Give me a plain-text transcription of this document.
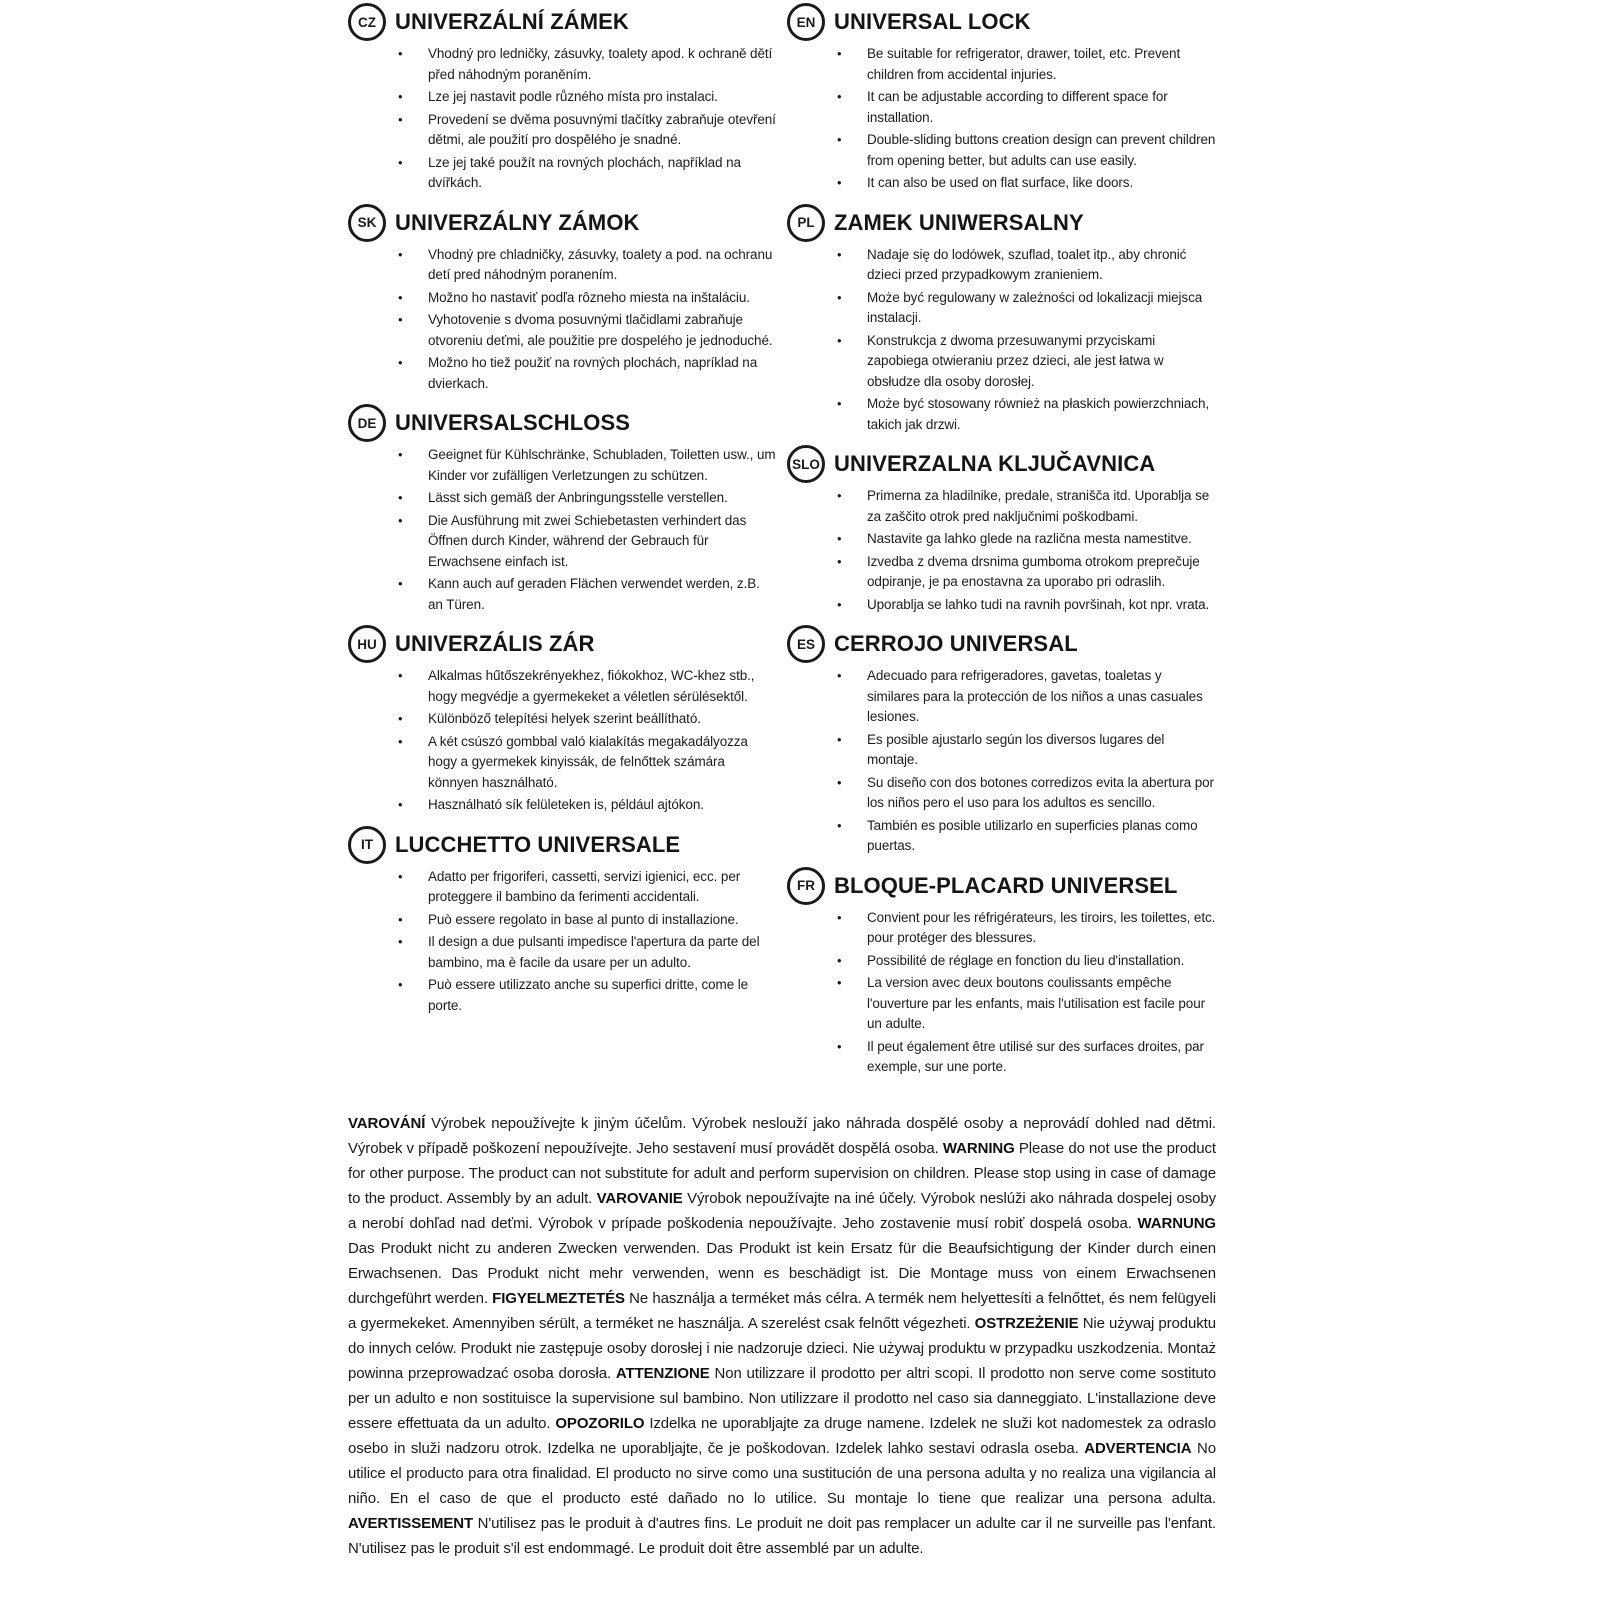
CZ UNIVERZÁLNÍ ZÁMEK
• Vhodný pro ledničky, zásuvky, toalety apod. k ochraně dětí před náhodným poraněním.
• Lze jej nastavit podle různého místa pro instalaci.
• Provedení se dvěma posuvnými tlačítky zabraňuje otevření dětmi, ale použití pro dospělého je snadné.
• Lze jej také použít na rovných plochách, například na dvířkách.
SK UNIVERZÁLNY ZÁMOK
• Vhodný pre chladničky, zásuvky, toalety a pod. na ochranu detí pred náhodným poranením.
• Možno ho nastaviť podľa rôzneho miesta na inštaláciu.
• Vyhotovenie s dvoma posuvnými tlačidlami zabraňuje otvoreniu deťmi, ale použitie pre dospelého je jednoduché.
• Možno ho tiež použiť na rovných plochách, napríklad na dvierkach.
DE UNIVERSALSCHLOSS
• Geeignet für Kühlschränke, Schubladen, Toiletten usw., um Kinder vor zufälligen Verletzungen zu schützen.
• Lässt sich gemäß der Anbringungsstelle verstellen.
• Die Ausführung mit zwei Schiebetasten verhindert das Öffnen durch Kinder, während der Gebrauch für Erwachsene einfach ist.
• Kann auch auf geraden Flächen verwendet werden, z.B. an Türen.
HU UNIVERZÁLIS ZÁR
• Alkalmas hűtőszekrényekhez, fiókokhoz, WC-khez stb., hogy megvédje a gyermekeket a véletlen sérülésektől.
• Különböző telepítési helyek szerint beállítható.
• A két csúszó gombbal való kialakítás megakadályozza hogy a gyermekek kinyissák, de felnőttek számára könnyen használható.
• Használható sík felületeken is, például ajtókon.
IT	LUCCHETTO UNIVERSALE
• Adatto per frigoriferi, cassetti, servizi igienici, ecc. per proteggere il bambino da ferimenti accidentali.
• Può essere regolato in base al punto di installazione.
• Il design a due pulsanti impedisce l'apertura da parte del bambino, ma è facile da usare per un adulto.
• Può essere utilizzato anche su superfici dritte, come le porte.
EN UNIVERSAL LOCK
• Be suitable for refrigerator, drawer, toilet, etc. Prevent children from accidental injuries.
• It can be adjustable according to different space for installation.
• Double-sliding buttons creation design can prevent children from opening better, but adults can use easily.
• It can also be used on flat surface, like doors.
PL ZAMEK UNIWERSALNY
• Nadaje się do lodówek, szuflad, toalet itp., aby chronić dzieci przed przypadkowym zranieniem.
• Może być regulowany w zależności od lokalizacji miejsca instalacji.
• Konstrukcja z dwoma przesuwanymi przyciskami zapobiega otwieraniu przez dzieci, ale jest łatwa w obsłudze dla osoby dorosłej.
• Może być stosowany również na płaskich powierzchniach, takich jak drzwi.
SLO UNIVERZALNA KLJUČAVNICA
• Primerna za hladilnike, predale, stranišča itd. Uporablja se za zaščito otrok pred naključnimi poškodbami.
• Nastavite ga lahko glede na različna mesta namestitve.
• Izvedba z dvema drsnima gumboma otrokom preprečuje odpiranje, je pa enostavna za uporabo pri odraslih.
• Uporablja se lahko tudi na ravnih površinah, kot npr. vrata.
ES CERROJO UNIVERSAL
• Adecuado para refrigeradores, gavetas, toaletas y similares para la protección de los niños a unas casuales lesiones.
• Es posible ajustarlo según los diversos lugares del montaje.
• Su diseño con dos botones corredizos evita la abertura por los niños pero el uso para los adultos es sencillo.
• También es posible utilizarlo en superficies planas como puertas.
FR BLOQUE-PLACARD UNIVERSEL
• Convient pour les réfrigérateurs, les tiroirs, les toilettes, etc. pour protéger des blessures.
• Possibilité de réglage en fonction du lieu d'installation.
• La version avec deux boutons coulissants empêche l'ouverture par les enfants, mais l'utilisation est facile pour un adulte.
• Il peut également être utilisé sur des surfaces droites, par exemple, sur une porte.

VAROVÁNÍ Výrobek nepoužívejte k jiným účelům. Výrobek neslouží jako náhrada dospělé osoby a neprovádí dohled nad dětmi. Výrobek v případě poškození nepoužívejte. Jeho sestavení musí provádět dospělá osoba. WARNING Please do not use the product for other purpose. The product can not substitute for adult and perform supervision on children. Please stop using in case of damage to the product. Assembly by an adult. VAROVANIE Výrobok nepoužívajte na iné účely. Výrobok neslúži ako náhrada dospelej osoby a nerobí dohľad nad deťmi. Výrobok v prípade poškodenia nepoužívajte. Jeho zostavenie musí robiť dospelá osoba. WARNUNG Das Produkt nicht zu anderen Zwecken verwenden. Das Produkt ist kein Ersatz für die Beaufsichtigung der Kinder durch einen Erwachsenen. Das Produkt nicht mehr verwenden, wenn es beschädigt ist. Die Montage muss von einem Erwachsenen durchgeführt werden. FIGYELMEZTETÉS Ne használja a terméket más célra. A termék nem helyettesíti a felnőttet, és nem felügyeli a gyermekeket. Amennyiben sérült, a terméket ne használja. A szerelést csak felnőtt végezheti. OSTRZEŻENIE Nie używaj produktu do innych celów. Produkt nie zastępuje osoby dorosłej i nie nadzoruje dzieci. Nie używaj produktu w przypadku uszkodzenia. Montaż powinna przeprowadzać osoba dorosła. ATTENZIONE Non utilizzare il prodotto per altri scopi. Il prodotto non serve come sostituto per un adulto e non sostituisce la supervisione sul bambino. Non utilizzare il prodotto nel caso sia danneggiato. L'installazione deve essere effettuata da un adulto. OPOZORILO Izdelka ne uporabljajte za druge namene. Izdelek ne služi kot nadomestek za odraslo osebo in služi nadzoru otrok. Izdelka ne uporabljajte, če je poškodovan. Izdelek lahko sestavi odrasla oseba. ADVERTENCIA No utilice el producto para otra finalidad. El producto no sirve como una sustitución de una persona adulta y no realiza una vigilancia al niño. En el caso de que el producto esté dañado no lo utilice. Su montaje lo tiene que realizar una persona adulta. AVERTISSEMENT N'utilisez pas le produit à d'autres fins. Le produit ne doit pas remplacer un adulte car il ne surveille pas l'enfant. N'utilisez pas le produit s'il est endommagé. Le produit doit être assemblé par un adulte.
